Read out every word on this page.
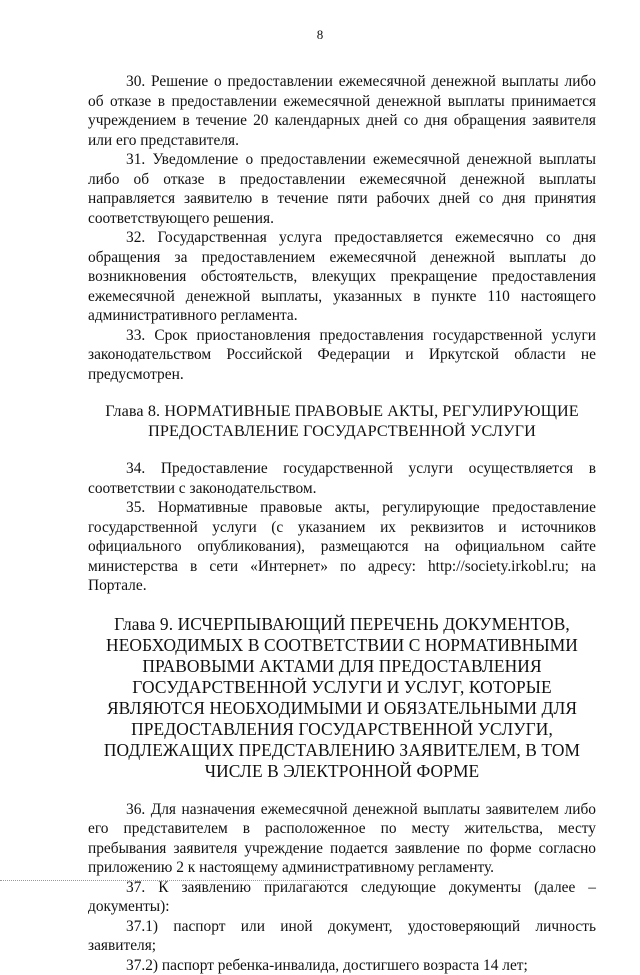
8

30. Решение о предоставлении ежемесячной денежной выплаты либо об отказе в предоставлении ежемесячной денежной выплаты принимается учреждением в течение 20 календарных дней со дня обращения заявителя или его представителя.

31. Уведомление о предоставлении ежемесячной денежной выплаты либо об отказе в предоставлении ежемесячной денежной выплаты направляется заявителю в течение пяти рабочих дней со дня принятия соответствующего решения.

32. Государственная услуга предоставляется ежемесячно со дня обращения за предоставлением ежемесячной денежной выплаты до возникновения обстоятельств, влекущих прекращение предоставления ежемесячной денежной выплаты, указанных в пункте 110 настоящего административного регламента.

33. Срок приостановления предоставления государственной услуги законодательством Российской Федерации и Иркутской области не предусмотрен.

Глава 8. НОРМАТИВНЫЕ ПРАВОВЫЕ АКТЫ, РЕГУЛИРУЮЩИЕ ПРЕДОСТАВЛЕНИЕ ГОСУДАРСТВЕННОЙ УСЛУГИ

34. Предоставление государственной услуги осуществляется в соответствии с законодательством.

35. Нормативные правовые акты, регулирующие предоставление государственной услуги (с указанием их реквизитов и источников официального опубликования), размещаются на официальном сайте министерства в сети «Интернет» по адресу: http://society.irkobl.ru; на Портале.

Глава 9. ИСЧЕРПЫВАЮЩИЙ ПЕРЕЧЕНЬ ДОКУМЕНТОВ, НЕОБХОДИМЫХ В СООТВЕТСТВИИ С НОРМАТИВНЫМИ ПРАВОВЫМИ АКТАМИ ДЛЯ ПРЕДОСТАВЛЕНИЯ ГОСУДАРСТВЕННОЙ УСЛУГИ И УСЛУГ, КОТОРЫЕ ЯВЛЯЮТСЯ НЕОБХОДИМЫМИ И ОБЯЗАТЕЛЬНЫМИ ДЛЯ ПРЕДОСТАВЛЕНИЯ ГОСУДАРСТВЕННОЙ УСЛУГИ, ПОДЛЕЖАЩИХ ПРЕДСТАВЛЕНИЮ ЗАЯВИТЕЛЕМ, В ТОМ ЧИСЛЕ В ЭЛЕКТРОННОЙ ФОРМЕ

36. Для назначения ежемесячной денежной выплаты заявителем либо его представителем в расположенное по месту жительства, месту пребывания заявителя учреждение подается заявление по форме согласно приложению 2 к настоящему административному регламенту.

37. К заявлению прилагаются следующие документы (далее – документы):

37.1) паспорт или иной документ, удостоверяющий личность заявителя;

37.2) паспорт ребенка-инвалида, достигшего возраста 14 лет;
